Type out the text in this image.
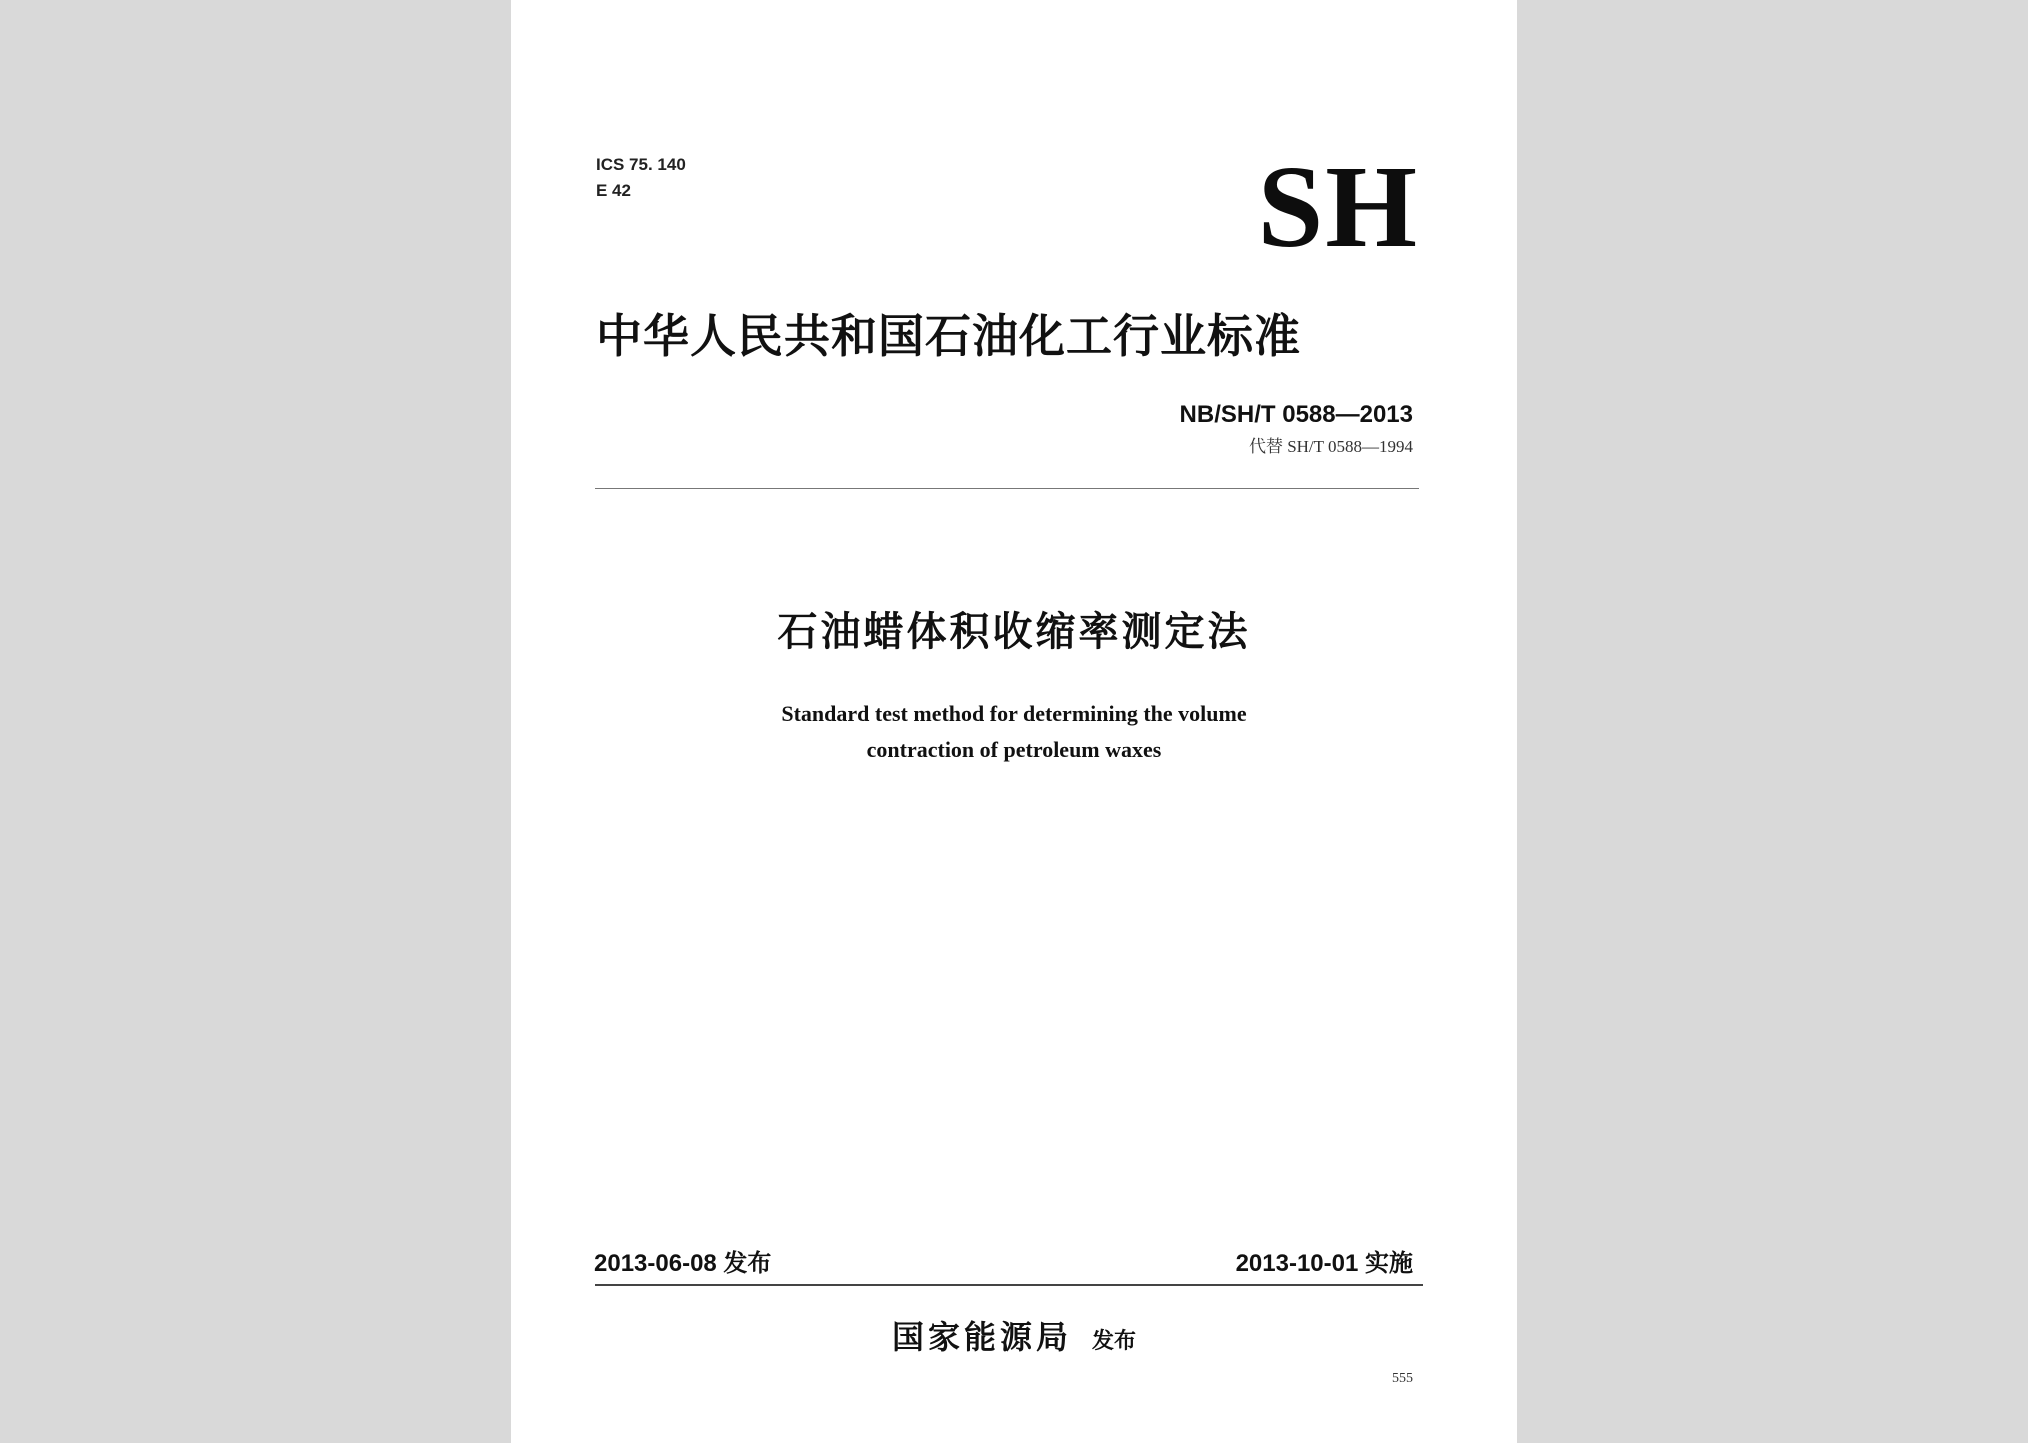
ICS 75. 140
E 42	SH
中华人民共和国石油化工行业标准
NB/SH/T 0588—2013
代替 SH/T 0588—1994
石油蜡体积收缩率测定法
Standard test method for determining the volume
contraction of petroleum waxes
2013-06-08 发布	2013-10-01 实施
国家能源局 发布
555
